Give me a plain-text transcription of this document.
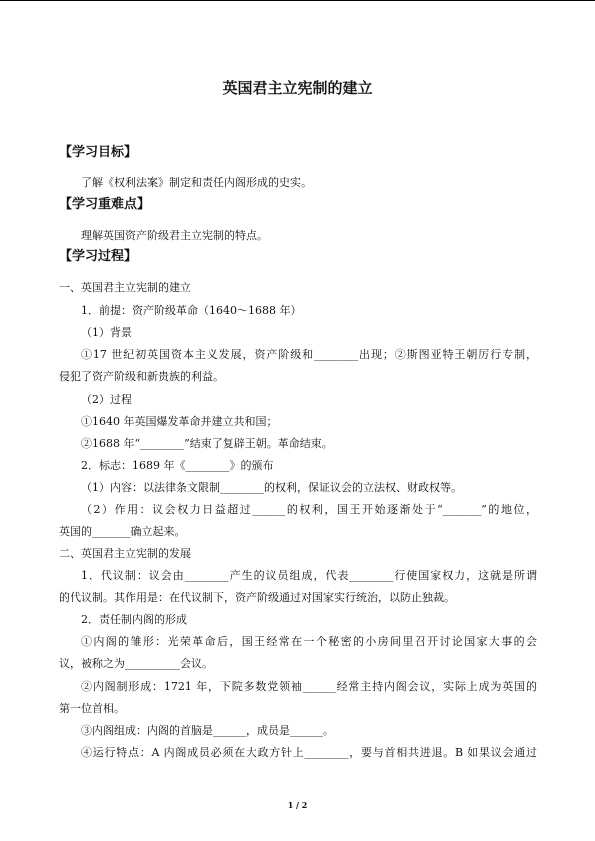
英国君主立宪制的建立
【学习目标】
了解《权利法案》制定和责任内阁形成的史实。
【学习重难点】
理解英国资产阶级君主立宪制的特点。
【学习过程】
一、英国君主立宪制的建立
1．前提：资产阶级革命（1640～1688 年）
（1）背景
①17 世纪初英国资本主义发展，资产阶级和________出现；②斯图亚特王朝厉行专制，
侵犯了资产阶级和新贵族的利益。
（2）过程
①1640 年英国爆发革命并建立共和国；
②1688 年“________”结束了复辟王朝。革命结束。
2．标志：1689 年《________》的颁布
（1）内容：以法律条文限制________的权利，保证议会的立法权、财政权等。
（2）作用：议会权力日益超过______的权利，国王开始逐渐处于“_______”的地位，
英国的_______确立起来。
二、英国君主立宪制的发展
1．代议制：议会由________产生的议员组成，代表________行使国家权力，这就是所谓
的代议制。其作用是：在代议制下，资产阶级通过对国家实行统治，以防止独裁。
2．责任制内阁的形成
①内阁的雏形：光荣革命后，国王经常在一个秘密的小房间里召开讨论国家大事的会
议，被称之为__________会议。
②内阁制形成：1721 年，下院多数党领袖______经常主持内阁会议，实际上成为英国的
第一位首相。
③内阁组成：内阁的首脑是______，成员是______。
④运行特点：A 内阁成员必须在大政方针上________，要与首相共进退。B 如果议会通过
1 / 2
